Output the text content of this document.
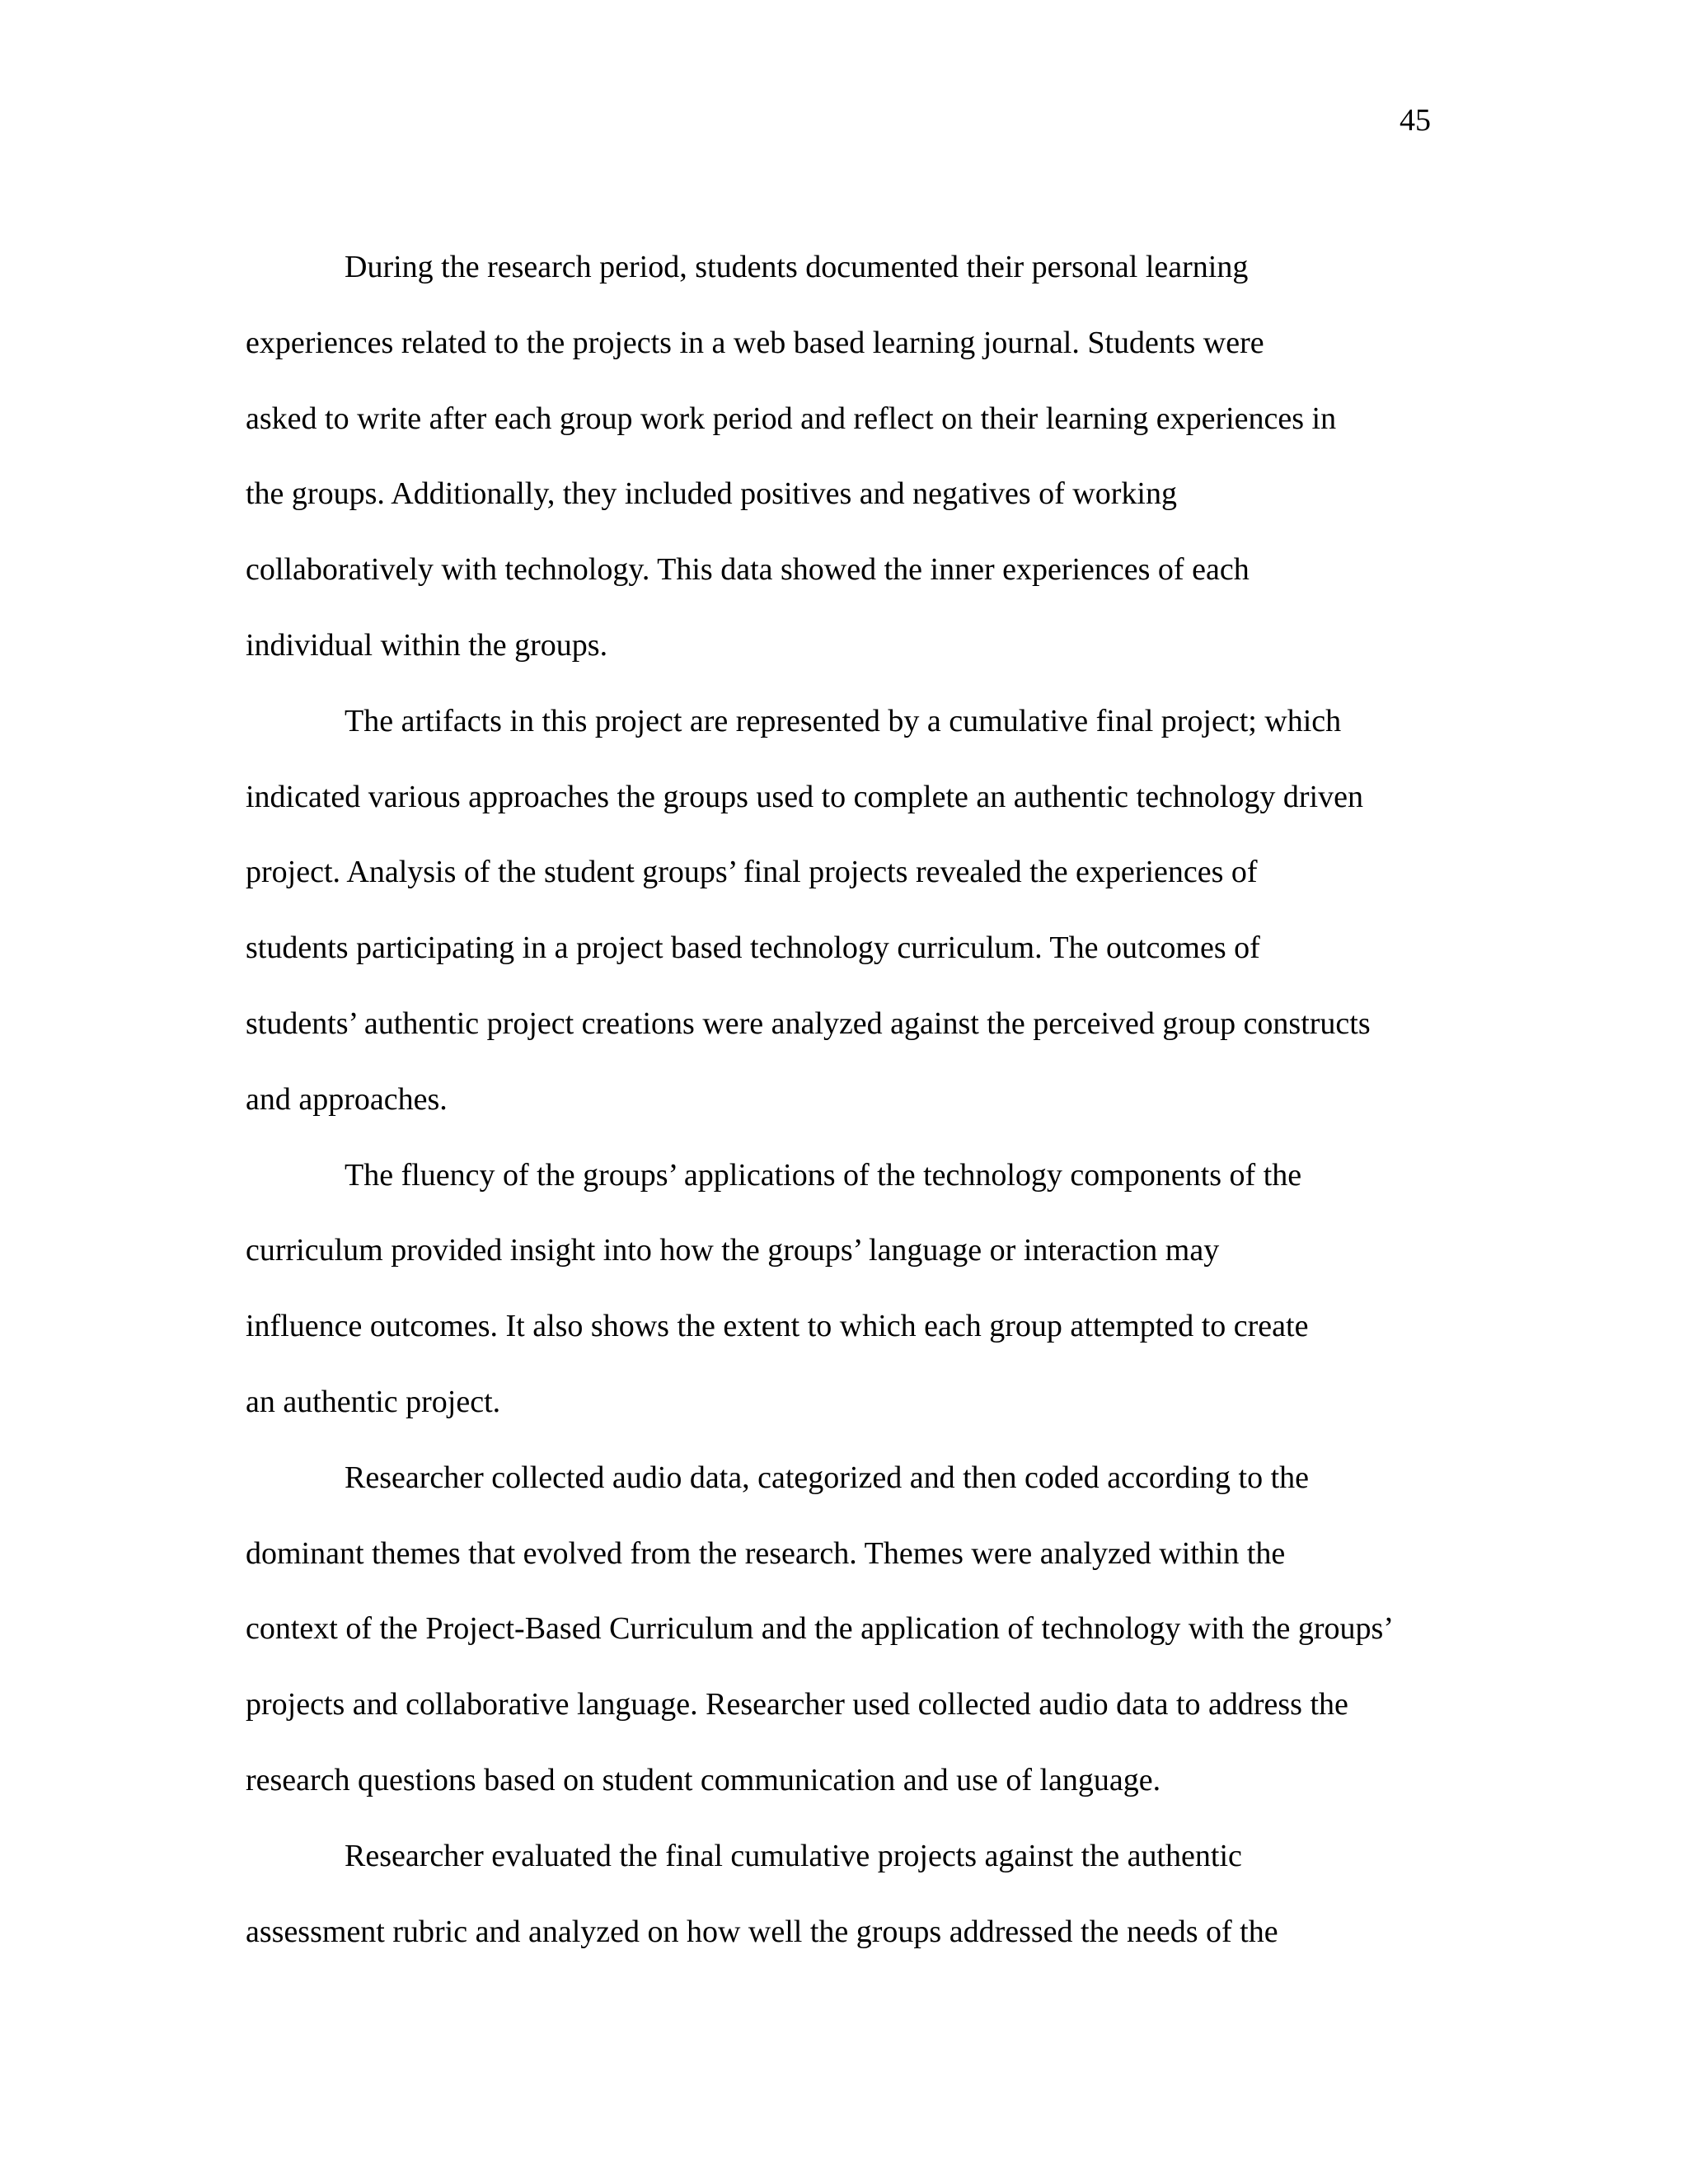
45

During the research period, students documented their personal learning
experiences related to the projects in a web based learning journal. Students were
asked to write after each group work period and reflect on their learning experiences in
the groups. Additionally, they included positives and negatives of working
collaboratively with technology. This data showed the inner experiences of each
individual within the groups.

The artifacts in this project are represented by a cumulative final project; which
indicated various approaches the groups used to complete an authentic technology driven
project. Analysis of the student groups’ final projects revealed the experiences of
students participating in a project based technology curriculum. The outcomes of
students’ authentic project creations were analyzed against the perceived group constructs
and approaches.

The fluency of the groups’ applications of the technology components of the
curriculum provided insight into how the groups’ language or interaction may
influence outcomes. It also shows the extent to which each group attempted to create
an authentic project.

Researcher collected audio data, categorized and then coded according to the
dominant themes that evolved from the research. Themes were analyzed within the
context of the Project-Based Curriculum and the application of technology with the groups’
projects and collaborative language. Researcher used collected audio data to address the
research questions based on student communication and use of language.

Researcher evaluated the final cumulative projects against the authentic
assessment rubric and analyzed on how well the groups addressed the needs of the
